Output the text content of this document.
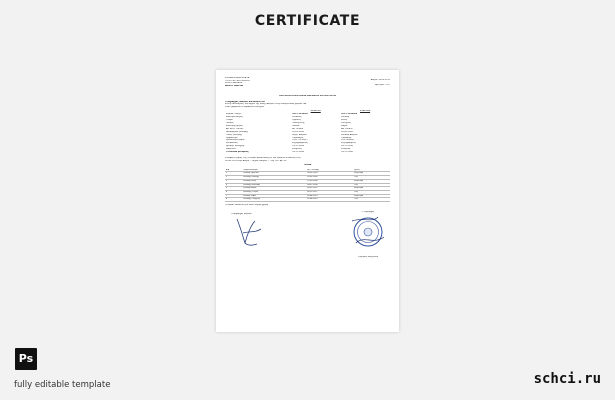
CERTIFICATE
ΕΛΛΗΝΙΚΗ ΔΗΜΟΚΡΑΤΙΑ
ΥΠΟΥΡΓΕΙΟ ΕΣΩΤΕΡΙΚΩΝ
ΝΟΜΟΣ ΑΘΗΝΩΝ
ΔΗΜΟΣ ΜΑΙΡΩΝ
Αθήνα, 16-05-2019
Αρ.Πρωτ.: 237
ΠΙΣΤΟΠΟΙΗΤΙΚΟ ΟΙΚΟΓΕΝΕΙΑΚΗΣ ΚΑΤΑΣΤΑΣΗΣ
Ο Δήμαρχος Μαιρών πιστοποιεί ότι
στους καταλόγους του Δήμου της πόλης Αθηνών, στην οικογενειακή μερίδα 184
είναι γραμμένοι οι παρακάτω στοιχεία
	ΣΥΖΥΓΟΣ	ΣΥΖΥΓΟΣ
Μερίδα / Μητρ.	2017/1234567	2017/1234568
Επώνυμο πατρός	Ελλάνους	Ρουδίδη
Όνομα	Χρήστος	Ελένη
Πατρός	Παναγιώτης	Σωτήριος
Επώνυμο μητρός	Ιωάννα	Μαρία
Αρ. Δελτ. Ταυτότ.	ΑΚ 123456	ΑΜ 109876
Ημερομηνία γέννησης	02-03-1983	02-05-1985
Τόπος γέννησης	Μητρ. Αθηνών	Ρουδίδη Αθηνών
Θρήσκευμα	Ορθόδοξος	Ορθόδοξη
Χρονολογία γάμου	1993 (12-Ιουν.)	293 (Ιούνιος)
Κατάσταση	Εγγεγραμμένος	Εγγεγραμμένη
Ημερομ. καταχώρ.	18-11-2008	18-11-2008
Ιθαγένεια	Ελληνική	Ελληνική
Τελευταία μεταβολή	18-11-2008	18-11-2008
Συνάφθη ο γάμος της Ξενιάδου Αναστασίας με τον Χρήστου Ελλάνους στις
02-06-1993 στην Αθήνα — Δήμος Μαιρών — Τομ. 05 / Αρ. 00
ΤΕΚΝΑ
Α/Α	Ονοματεπώνυμο	Ημ. Γέννησης	Σχέση
1	Ξενιάδη Χριστίνα	16-03-2003	Θυγατέρα
2	Ξενιάδης Ιωάννης	23-05-2005	Υιός
3	Ξενιάδη Ελένη	11-09-2006	Θυγατέρα
4	Ξενιάδης Νικόλαος	28-07-2008	Υιός
5	Ξενιάδη Μαρία	14-01-2010	Θυγατέρα
6	Ξενιάδης Πέτρος	09-12-2011	Υιός
7	Ξενιάδη Σοφία	03-04-2013	Θυγατέρα
8	Ξενιάδης Γεώργιος	22-08-2015	Υιός
Το παρόν εκδίδεται για κάθε νόμιμη χρήση
Ο Δήμαρχος Μαιρών
Ο Ληξίαρχος
Σιγούρου Ευαγγελία
Ps
fully editable template	schci.ru
